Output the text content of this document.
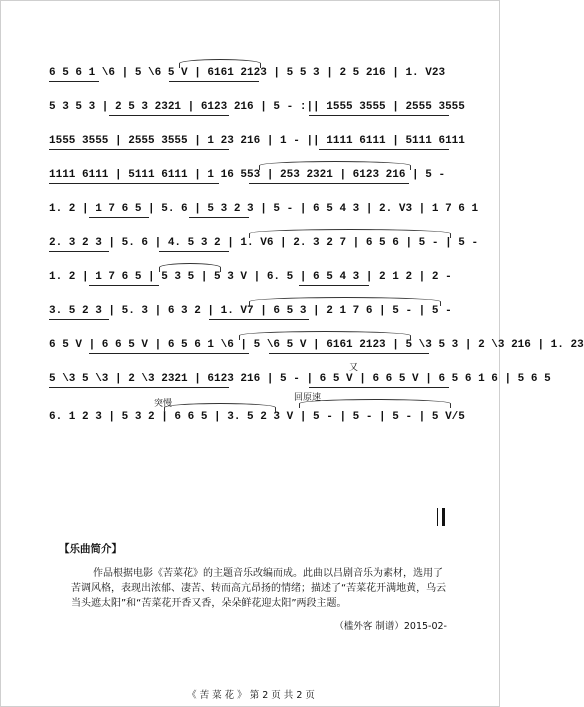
6 5 6 1 \6 | 5 \6 5 V | 6161 2123 | 5 5 3 | 2 5 216 | 1. V23
5 3 5 3 | 2 5 3 2321 | 6123 216 | 5 - :|| 1555 3555 | 2555 3555
1555 3555 | 2555 3555 | 1 23 216 | 1 - || 1111 6111 | 5111 6111
1111 6111 | 5111 6111 | 1 16 553 | 253 2321 | 6123 216 | 5 -
1. 2 | 1 7 6 5 | 5. 6 | 5 3 2 3 | 5 - | 6 5 4 3 | 2. V3 | 1 7 6 1
2. 3 2 3 | 5. 6 | 4. 5 3 2 | 1. V6 | 2. 3 2 7 | 6 5 6 | 5 - | 5 -
1. 2 | 1 7 6 5 | 5 3 5 | 5 3 V | 6. 5 | 6 5 4 3 | 2 1 2 | 2 -
3. 5 2 3 | 5. 3 | 6 3 2 | 1. V7 | 6 5 3 | 2 1 7 6 | 5 - | 5 -
6 5 V | 6 6 5 V | 6 5 6 1 \6 | 5 \6 5 V | 6161 2123 | 5 \3 5 3 | 2 \3 216 | 1. 23
5 \3 5 \3 | 2 \3 2321 | 6123 216 | 5 - | 6 5 V | 6 6 5 V | 6 5 6 1 6 | 5 6 5
又
突慢
回原速
6. 1 2 3 | 5 3 2 | 6 6 5 | 3. 5 2 3 V | 5 - | 5 - | 5 - | 5 V/5
【乐曲简介】
作品根据电影《苦菜花》的主题音乐改编而成。此曲以吕剧音乐为素材，选用了苦调风格，表现出浓郁、凄苦、转而高亢昂扬的情绪；描述了“苦菜花开满地黄，乌云当头遮太阳”和“苦菜花开香又香，朵朵鲜花迎太阳”两段主题。
（槛外客 制谱）2015-02-
《 苦 菜 花 》 第 2 页 共 2 页
